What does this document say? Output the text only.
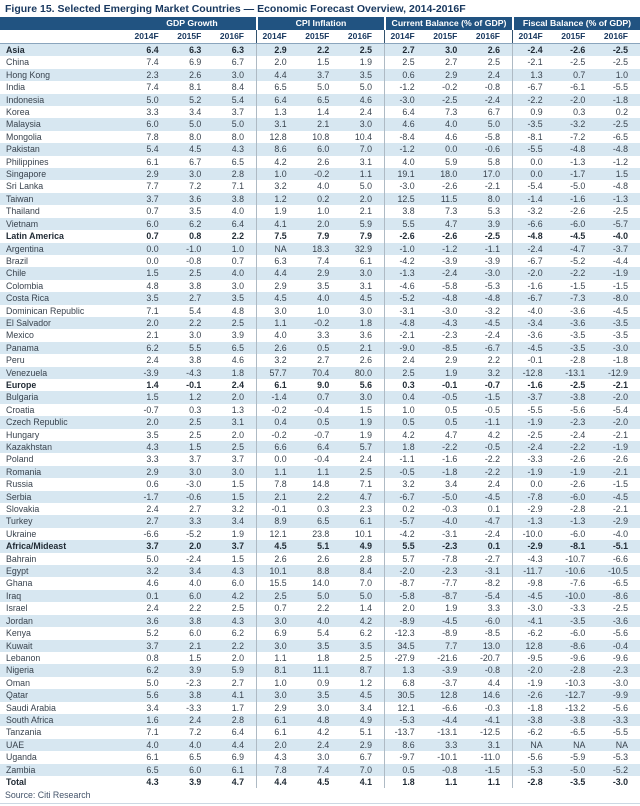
Figure 15. Selected Emerging Market Countries — Economic Forecast Overview, 2014-2016F
GDP Growth	CPI Inflation	Current Balance (% of GDP)	Fiscal Balance (% of GDP)
2014F	2015F	2016F	2014F	2015F	2016F	2014F	2015F	2016F	2014F	2015F	2016F
Asia	6.4	6.3	6.3	2.9	2.2	2.5	2.7	3.0	2.6	-2.4	-2.6	-2.5
China	7.4	6.9	6.7	2.0	1.5	1.9	2.5	2.7	2.5	-2.1	-2.5	-2.5
Hong Kong	2.3	2.6	3.0	4.4	3.7	3.5	0.6	2.9	2.4	1.3	0.7	1.0
India	7.4	8.1	8.4	6.5	5.0	5.0	-1.2	-0.2	-0.8	-6.7	-6.1	-5.5
Indonesia	5.0	5.2	5.4	6.4	6.5	4.6	-3.0	-2.5	-2.4	-2.2	-2.0	-1.8
Korea	3.3	3.4	3.7	1.3	1.4	2.4	6.4	7.3	6.7	0.9	0.3	0.2
Malaysia	6.0	5.0	5.0	3.1	2.1	3.0	4.6	4.0	5.0	-3.5	-3.2	-2.5
Mongolia	7.8	8.0	8.0	12.8	10.8	10.4	-8.4	4.6	-5.8	-8.1	-7.2	-6.5
Pakistan	5.4	4.5	4.3	8.6	6.0	7.0	-1.2	0.0	-0.6	-5.5	-4.8	-4.8
Philippines	6.1	6.7	6.5	4.2	2.6	3.1	4.0	5.9	5.8	0.0	-1.3	-1.2
Singapore	2.9	3.0	2.8	1.0	-0.2	1.1	19.1	18.0	17.0	0.0	-1.7	1.5
Sri Lanka	7.7	7.2	7.1	3.2	4.0	5.0	-3.0	-2.6	-2.1	-5.4	-5.0	-4.8
Taiwan	3.7	3.6	3.8	1.2	0.2	2.0	12.5	11.5	8.0	-1.4	-1.6	-1.3
Thailand	0.7	3.5	4.0	1.9	1.0	2.1	3.8	7.3	5.3	-3.2	-2.6	-2.5
Vietnam	6.0	6.2	6.4	4.1	2.0	5.9	5.5	4.7	3.9	-6.6	-6.0	-5.7
Latin America	0.7	0.8	2.2	7.5	7.9	7.9	-2.6	-2.6	-2.5	-4.8	-4.5	-4.0
Argentina	0.0	-1.0	1.0	NA	18.3	32.9	-1.0	-1.2	-1.1	-2.4	-4.7	-3.7
Brazil	0.0	-0.8	0.7	6.3	7.4	6.1	-4.2	-3.9	-3.9	-6.7	-5.2	-4.4
Chile	1.5	2.5	4.0	4.4	2.9	3.0	-1.3	-2.4	-3.0	-2.0	-2.2	-1.9
Colombia	4.8	3.8	3.0	2.9	3.5	3.1	-4.6	-5.8	-5.3	-1.6	-1.5	-1.5
Costa Rica	3.5	2.7	3.5	4.5	4.0	4.5	-5.2	-4.8	-4.8	-6.7	-7.3	-8.0
Dominican Republic	7.1	5.4	4.8	3.0	1.0	3.0	-3.1	-3.0	-3.2	-4.0	-3.6	-4.5
El Salvador	2.0	2.2	2.5	1.1	-0.2	1.8	-4.8	-4.3	-4.5	-3.4	-3.6	-3.5
Mexico	2.1	3.0	3.9	4.0	3.3	3.6	-2.1	-2.3	-2.4	-3.6	-3.5	-3.5
Panama	6.2	5.5	6.5	2.6	0.5	2.1	-9.0	-8.5	-6.7	-4.5	-3.5	-3.0
Peru	2.4	3.8	4.6	3.2	2.7	2.6	2.4	2.9	2.2	-0.1	-2.8	-1.8
Venezuela	-3.9	-4.3	1.8	57.7	70.4	80.0	2.5	1.9	3.2	-12.8	-13.1	-12.9
Europe	1.4	-0.1	2.4	6.1	9.0	5.6	0.3	-0.1	-0.7	-1.6	-2.5	-2.1
Bulgaria	1.5	1.2	2.0	-1.4	0.7	3.0	0.4	-0.5	-1.5	-3.7	-3.8	-2.0
Croatia	-0.7	0.3	1.3	-0.2	-0.4	1.5	1.0	0.5	-0.5	-5.5	-5.6	-5.4
Czech Republic	2.0	2.5	3.1	0.4	0.5	1.9	0.5	0.5	-1.1	-1.9	-2.3	-2.0
Hungary	3.5	2.5	2.0	-0.2	-0.7	1.9	4.2	4.7	4.2	-2.5	-2.4	-2.1
Kazakhstan	4.3	1.5	2.5	6.6	6.4	5.7	1.8	-2.2	-0.5	-2.4	-2.2	-1.9
Poland	3.3	3.7	3.7	0.0	-0.4	2.4	-1.1	-1.6	-2.2	-3.3	-2.6	-2.6
Romania	2.9	3.0	3.0	1.1	1.1	2.5	-0.5	-1.8	-2.2	-1.9	-1.9	-2.1
Russia	0.6	-3.0	1.5	7.8	14.8	7.1	3.2	3.4	2.4	0.0	-2.6	-1.5
Serbia	-1.7	-0.6	1.5	2.1	2.2	4.7	-6.7	-5.0	-4.5	-7.8	-6.0	-4.5
Slovakia	2.4	2.7	3.2	-0.1	0.3	2.3	0.2	-0.3	0.1	-2.9	-2.8	-2.1
Turkey	2.7	3.3	3.4	8.9	6.5	6.1	-5.7	-4.0	-4.7	-1.3	-1.3	-2.9
Ukraine	-6.6	-5.2	1.9	12.1	23.8	10.1	-4.2	-3.1	-2.4	-10.0	-6.0	-4.0
Africa/Mideast	3.7	2.0	3.7	4.5	5.1	4.9	5.5	-2.3	0.1	-2.9	-8.1	-5.1
Bahrain	5.0	-2.4	1.5	2.6	2.6	2.8	5.7	-7.8	-2.7	-4.3	-10.7	-6.6
Egypt	3.2	3.4	4.3	10.1	8.8	8.4	-2.0	-2.3	-3.1	-11.7	-10.6	-10.5
Ghana	4.6	4.0	6.0	15.5	14.0	7.0	-8.7	-7.7	-8.2	-9.8	-7.6	-6.5
Iraq	0.1	6.0	4.2	2.5	5.0	5.0	-5.8	-8.7	-5.4	-4.5	-10.0	-8.6
Israel	2.4	2.2	2.5	0.7	2.2	1.4	2.0	1.9	3.3	-3.0	-3.3	-2.5
Jordan	3.6	3.8	4.3	3.0	4.0	4.2	-8.9	-4.5	-6.0	-4.1	-3.5	-3.6
Kenya	5.2	6.0	6.2	6.9	5.4	6.2	-12.3	-8.9	-8.5	-6.2	-6.0	-5.6
Kuwait	3.7	2.1	2.2	3.0	3.5	3.5	34.5	7.7	13.0	12.8	-8.6	-0.4
Lebanon	0.8	1.5	2.0	1.1	1.8	2.5	-27.9	-21.6	-20.7	-9.5	-9.6	-9.6
Nigeria	6.2	3.9	5.9	8.1	11.1	8.7	1.3	-3.9	-0.8	-2.0	-2.8	-2.3
Oman	5.0	-2.3	2.7	1.0	0.9	1.2	6.8	-3.7	4.4	-1.9	-10.3	-3.0
Qatar	5.6	3.8	4.1	3.0	3.5	4.5	30.5	12.8	14.6	-2.6	-12.7	-9.9
Saudi Arabia	3.4	-3.3	1.7	2.9	3.0	3.4	12.1	-6.6	-0.3	-1.8	-13.2	-5.6
South Africa	1.6	2.4	2.8	6.1	4.8	4.9	-5.3	-4.4	-4.1	-3.8	-3.8	-3.3
Tanzania	7.1	7.2	6.4	6.1	4.2	5.1	-13.7	-13.1	-12.5	-6.2	-6.5	-5.5
UAE	4.0	4.0	4.4	2.0	2.4	2.9	8.6	3.3	3.1	NA	NA	NA
Uganda	6.1	6.5	6.9	4.3	3.0	6.7	-9.7	-10.1	-11.0	-5.6	-5.9	-5.3
Zambia	6.5	6.0	6.1	7.8	7.4	7.0	0.5	-0.8	-1.5	-5.3	-5.0	-5.2
Total	4.3	3.9	4.7	4.4	4.5	4.1	1.8	1.1	1.1	-2.8	-3.5	-3.0
Source: Citi Research
